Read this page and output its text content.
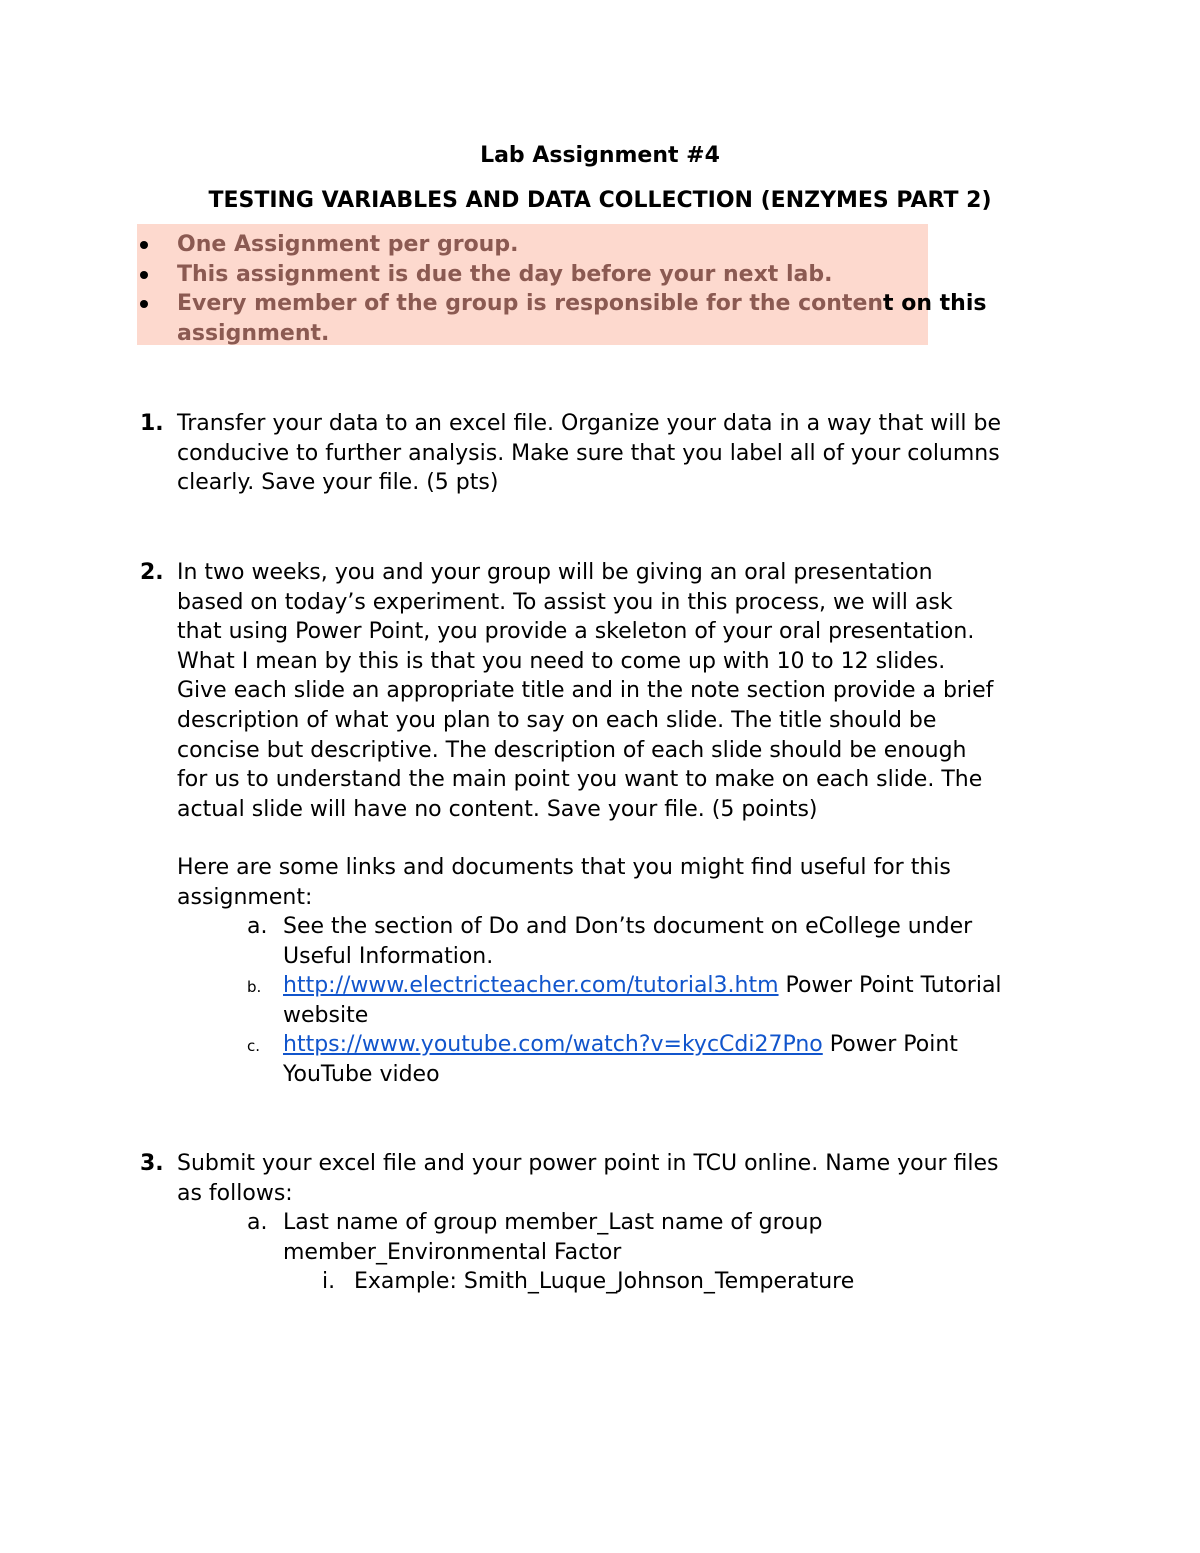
Lab Assignment #4
TESTING VARIABLES AND DATA COLLECTION (ENZYMES PART 2)
One Assignment per group.
This assignment is due the day before your next lab.
Every member of the group is responsible for the content on this
assignment.
1. Transfer your data to an excel file. Organize your data in a way that will be
conducive to further analysis. Make sure that you label all of your columns
clearly. Save your file. (5 pts)
2. In two weeks, you and your group will be giving an oral presentation
based on today’s experiment. To assist you in this process, we will ask
that using Power Point, you provide a skeleton of your oral presentation.
What I mean by this is that you need to come up with 10 to 12 slides.
Give each slide an appropriate title and in the note section provide a brief
description of what you plan to say on each slide. The title should be
concise but descriptive. The description of each slide should be enough
for us to understand the main point you want to make on each slide. The
actual slide will have no content. Save your file. (5 points)
Here are some links and documents that you might find useful for this
assignment:
a. See the section of Do and Don’ts document on eCollege under
Useful Information.
b. http://www.electricteacher.com/tutorial3.htm Power Point Tutorial
website
c. https://www.youtube.com/watch?v=kycCdi27Pno Power Point
YouTube video
3. Submit your excel file and your power point in TCU online. Name your files
as follows:
a. Last name of group member_Last name of group
member_Environmental Factor
i. Example: Smith_Luque_Johnson_Temperature
